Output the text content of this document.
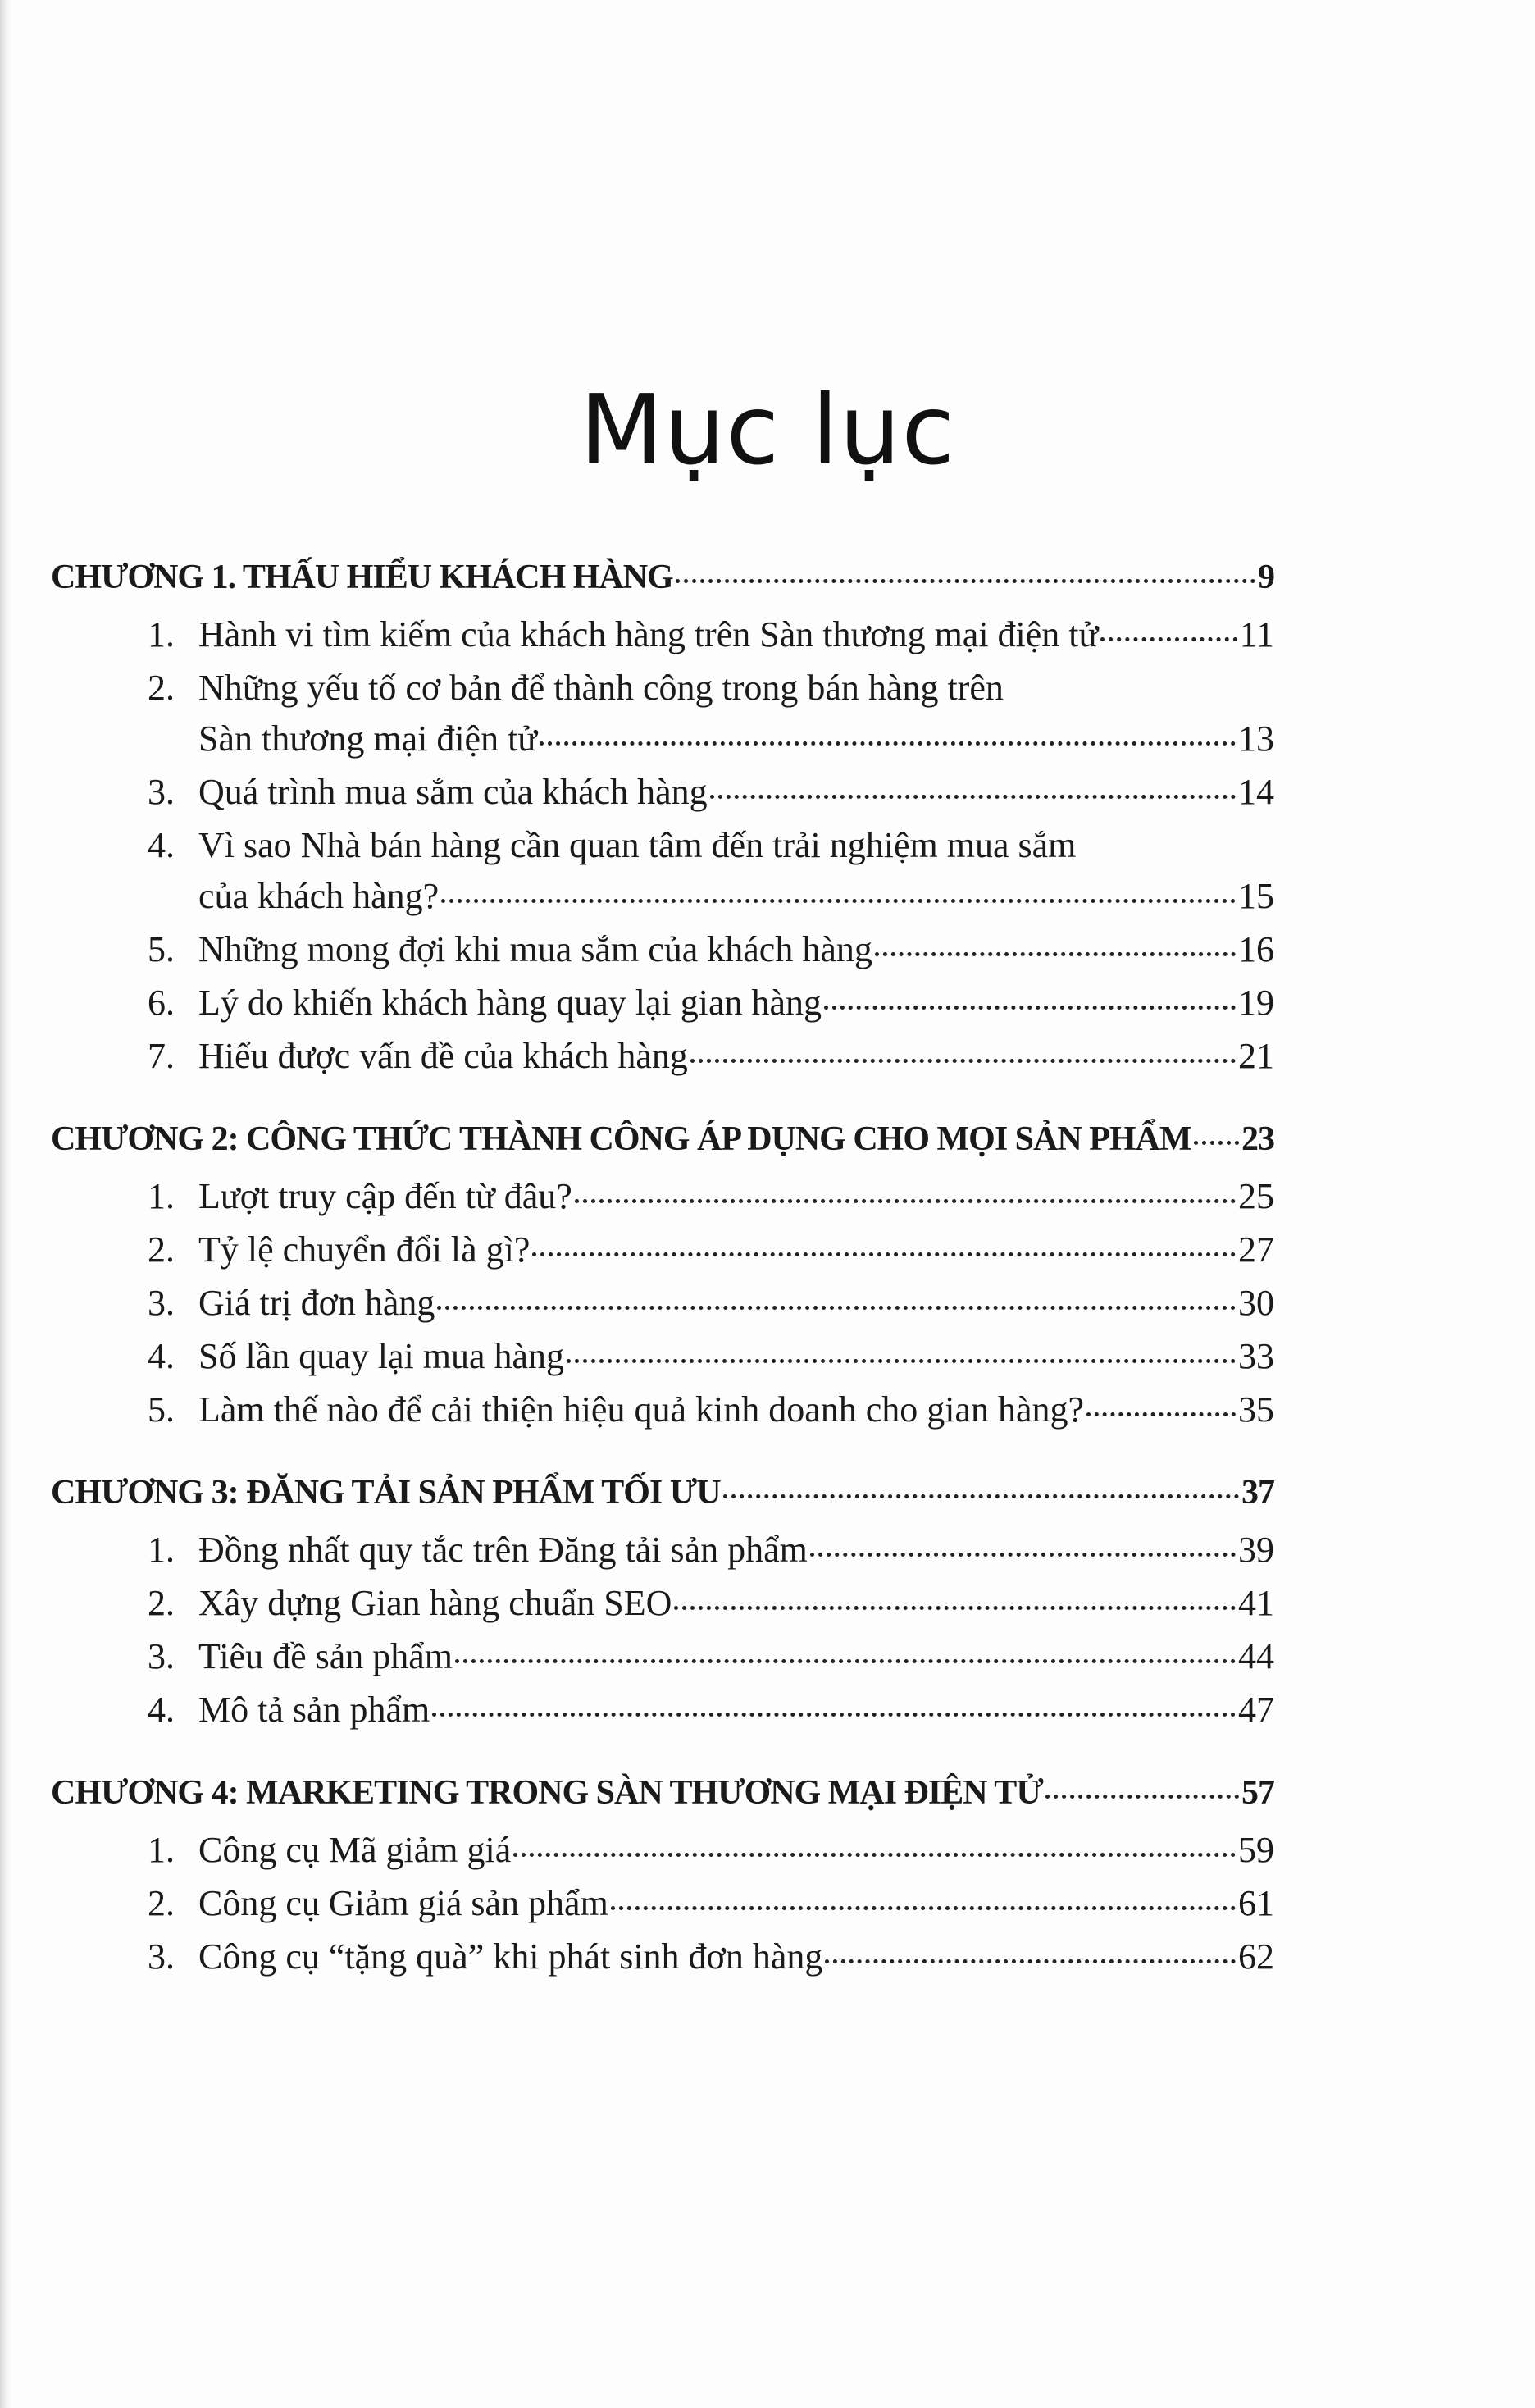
Mục lục
CHƯƠNG 1. THẤU HIỂU KHÁCH HÀNG	9
1. Hành vi tìm kiếm của khách hàng trên Sàn thương mại điện tử	11
2. Những yếu tố cơ bản để thành công trong bán hàng trên
Sàn thương mại điện tử	13
3. Quá trình mua sắm của khách hàng	14
4. Vì sao Nhà bán hàng cần quan tâm đến trải nghiệm mua sắm
của khách hàng?	15
5. Những mong đợi khi mua sắm của khách hàng	16
6. Lý do khiến khách hàng quay lại gian hàng	19
7. Hiểu được vấn đề của khách hàng	21
CHƯƠNG 2: CÔNG THỨC THÀNH CÔNG ÁP DỤNG CHO MỌI SẢN PHẨM 23
1. Lượt truy cập đến từ đâu?	25
2. Tỷ lệ chuyển đổi là gì?	27
3. Giá trị đơn hàng	30
4. Số lần quay lại mua hàng	33
5. Làm thế nào để cải thiện hiệu quả kinh doanh cho gian hàng?	35
CHƯƠNG 3: ĐĂNG TẢI SẢN PHẨM TỐI ƯU	37
1. Đồng nhất quy tắc trên Đăng tải sản phẩm	39
2. Xây dựng Gian hàng chuẩn SEO	41
3. Tiêu đề sản phẩm	44
4. Mô tả sản phẩm	47
CHƯƠNG 4: MARKETING TRONG SÀN THƯƠNG MẠI ĐIỆN TỬ	57
1. Công cụ Mã giảm giá	59
2. Công cụ Giảm giá sản phẩm	61
3. Công cụ “tặng quà” khi phát sinh đơn hàng	62
